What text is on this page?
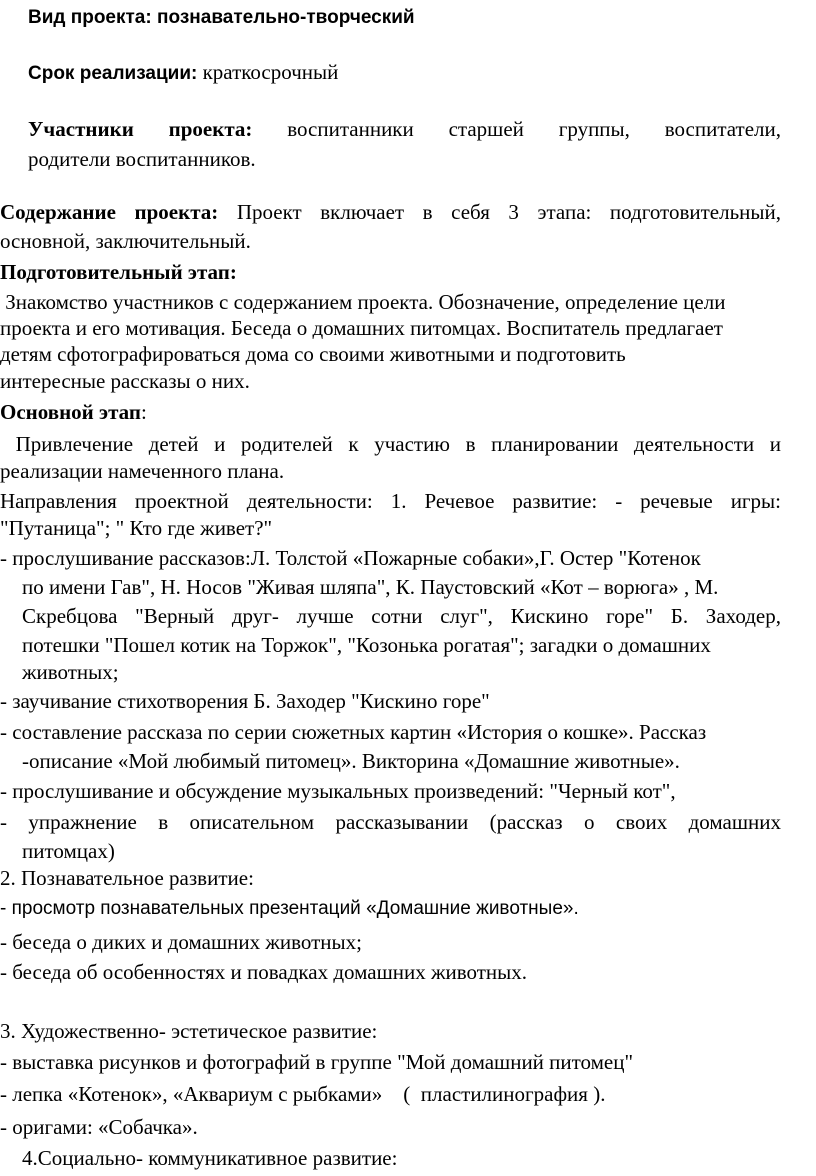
Вид проекта: познавательно-творческий
Срок реализации: краткосрочный
Участники проекта: воспитанники старшей группы, воспитатели,
родители воспитанников.
Содержание проекта: Проект включает в себя 3 этапа: подготовительный,
основной, заключительный.
Подготовительный этап:
Знакомство участников с содержанием проекта. Обозначение, определение цели
проекта и его мотивация. Беседа о домашних питомцах. Воспитатель предлагает
детям сфотографироваться дома со своими животными и подготовить
интересные рассказы о них.
Основной этап:
Привлечение детей и родителей к участию в планировании деятельности и
реализации намеченного плана.
Направления проектной деятельности: 1. Речевое развитие: - речевые игры:
"Путаница"; " Кто где живет?"
- прослушивание рассказов:Л. Толстой «Пожарные собаки»,Г. Остер "Котенок
по имени Гав", Н. Носов "Живая шляпа", К. Паустовский «Кот – ворюга» , М.
Скребцова "Верный друг- лучше сотни слуг", Кискино горе" Б. Заходер,
потешки "Пошел котик на Торжок", "Козонька рогатая"; загадки о домашних
животных;
- заучивание стихотворения Б. Заходер "Кискино горе"
- составление рассказа по серии сюжетных картин «История о кошке». Рассказ
-описание «Мой любимый питомец». Викторина «Домашние животные».
- прослушивание и обсуждение музыкальных произведений: "Черный кот",
- упражнение в описательном рассказывании (рассказ о своих домашних
питомцах)
2. Познавательное развитие:
- просмотр познавательных презентаций «Домашние животные».
- беседа о диких и домашних животных;
- беседа об особенностях и повадках домашних животных.
3. Художественно- эстетическое развитие:
- выставка рисунков и фотографий в группе "Мой домашний питомец"
- лепка «Котенок», «Аквариум с рыбками»    (  пластилинография ).
- оригами: «Собачка».
4.Социально- коммуникативное развитие:
